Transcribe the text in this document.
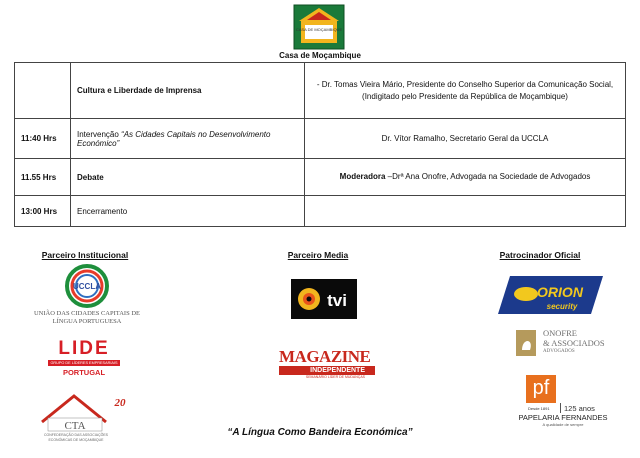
CASA DE MOÇAMBIQUE
Casa de Moçambique
	Cultura e Liberdade de Imprensa	- Dr. Tomas Vieira Mário, Presidente do Conselho Superior da Comunicação Social, (Indigitado pelo Presidente da República de Moçambique)
11:40 Hrs	Intervenção “As Cidades Capitais no Desenvolvimento Económico”	Dr. Vítor Ramalho, Secretario Geral da UCCLA
11.55 Hrs	Debate	Moderadora –Drª Ana Onofre, Advogada na Sociedade de Advogados
13:00 Hrs	Encerramento	
Parceiro Institucional	Parceiro Media	Patrocinador Oficial
UCCLA
UNIÃO DAS CIDADES CAPITAIS DE LÍNGUA PORTUGUESA
LIDE
GRUPO DE LÍDERES EMPRESARIAIS
PORTUGAL
CTA
20
CONFEDERAÇÃO DAS ASSOCIAÇÕES ECONÓMICAS DE MOÇAMBIQUE
tvi
MAGAZINE
INDEPENDENTE
SEMANÁRIO LÍDER DE MUDANÇAS
ORION
security
ONOFRE
& ASSOCIADOS
ADVOGADOS
pf
Desde 1891	125 anos
PAPELARIA FERNANDES
A qualidade de sempre
“A Língua Como Bandeira Económica”
